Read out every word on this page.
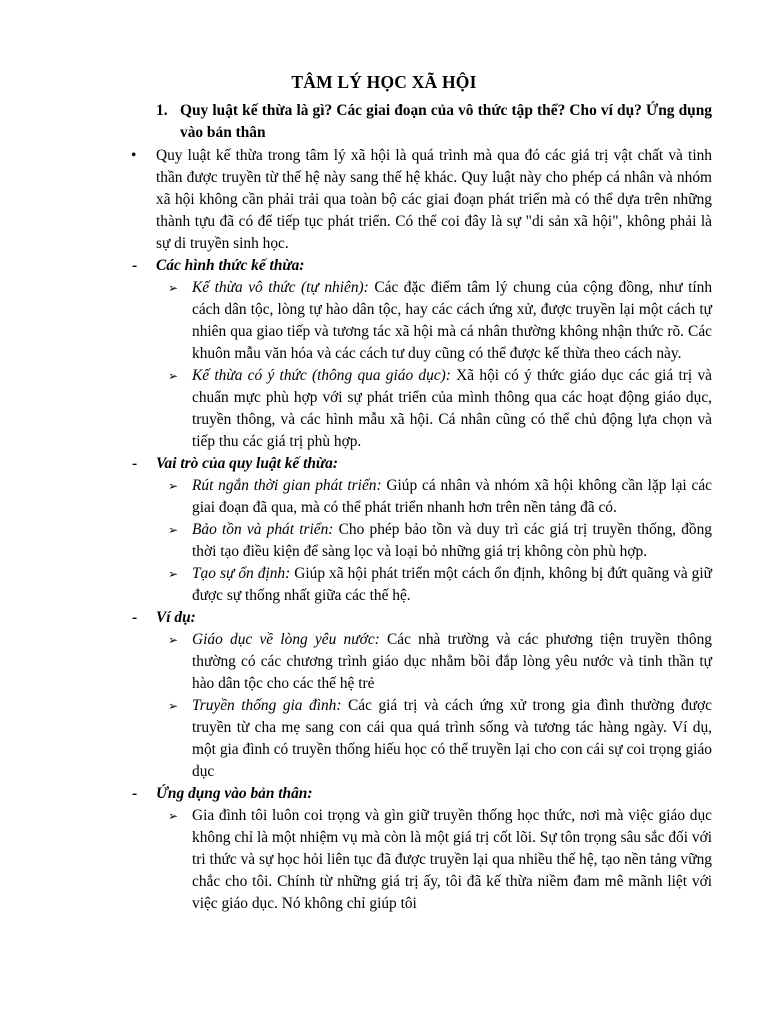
TÂM LÝ HỌC XÃ HỘI
1. Quy luật kế thừa là gì? Các giai đoạn của vô thức tập thể? Cho ví dụ? Ứng dụng vào bản thân

• Quy luật kế thừa trong tâm lý xã hội là quá trình mà qua đó các giá trị vật chất và tinh thần được truyền từ thế hệ này sang thế hệ khác. Quy luật này cho phép cá nhân và nhóm xã hội không cần phải trải qua toàn bộ các giai đoạn phát triển mà có thể dựa trên những thành tựu đã có để tiếp tục phát triển. Có thể coi đây là sự "di sản xã hội", không phải là sự di truyền sinh học.

- Các hình thức kế thừa:
➢ Kế thừa vô thức (tự nhiên): Các đặc điểm tâm lý chung của cộng đồng, như tính cách dân tộc, lòng tự hào dân tộc, hay các cách ứng xử, được truyền lại một cách tự nhiên qua giao tiếp và tương tác xã hội mà cá nhân thường không nhận thức rõ. Các khuôn mẫu văn hóa và các cách tư duy cũng có thể được kế thừa theo cách này.
➢ Kế thừa có ý thức (thông qua giáo dục): Xã hội có ý thức giáo dục các giá trị và chuẩn mực phù hợp với sự phát triển của mình thông qua các hoạt động giáo dục, truyền thông, và các hình mẫu xã hội. Cá nhân cũng có thể chủ động lựa chọn và tiếp thu các giá trị phù hợp.
- Vai trò của quy luật kế thừa:
➢ Rút ngắn thời gian phát triển: Giúp cá nhân và nhóm xã hội không cần lặp lại các giai đoạn đã qua, mà có thể phát triển nhanh hơn trên nền tảng đã có.
➢ Bảo tồn và phát triển: Cho phép bảo tồn và duy trì các giá trị truyền thống, đồng thời tạo điều kiện để sàng lọc và loại bỏ những giá trị không còn phù hợp.
➢ Tạo sự ổn định: Giúp xã hội phát triển một cách ổn định, không bị đứt quãng và giữ được sự thống nhất giữa các thế hệ.
- Ví dụ:
➢ Giáo dục về lòng yêu nước: Các nhà trường và các phương tiện truyền thông thường có các chương trình giáo dục nhằm bồi đắp lòng yêu nước và tinh thần tự hào dân tộc cho các thế hệ trẻ
➢ Truyền thống gia đình: Các giá trị và cách ứng xử trong gia đình thường được truyền từ cha mẹ sang con cái qua quá trình sống và tương tác hàng ngày. Ví dụ, một gia đình có truyền thống hiếu học có thể truyền lại cho con cái sự coi trọng giáo dục
- Ứng dụng vào bản thân:
➢ Gia đình tôi luôn coi trọng và gìn giữ truyền thống học thức, nơi mà việc giáo dục không chỉ là một nhiệm vụ mà còn là một giá trị cốt lõi. Sự tôn trọng sâu sắc đối với tri thức và sự học hỏi liên tục đã được truyền lại qua nhiều thế hệ, tạo nền tảng vững chắc cho tôi. Chính từ những giá trị ấy, tôi đã kế thừa niềm đam mê mãnh liệt với việc giáo dục. Nó không chỉ giúp tôi
